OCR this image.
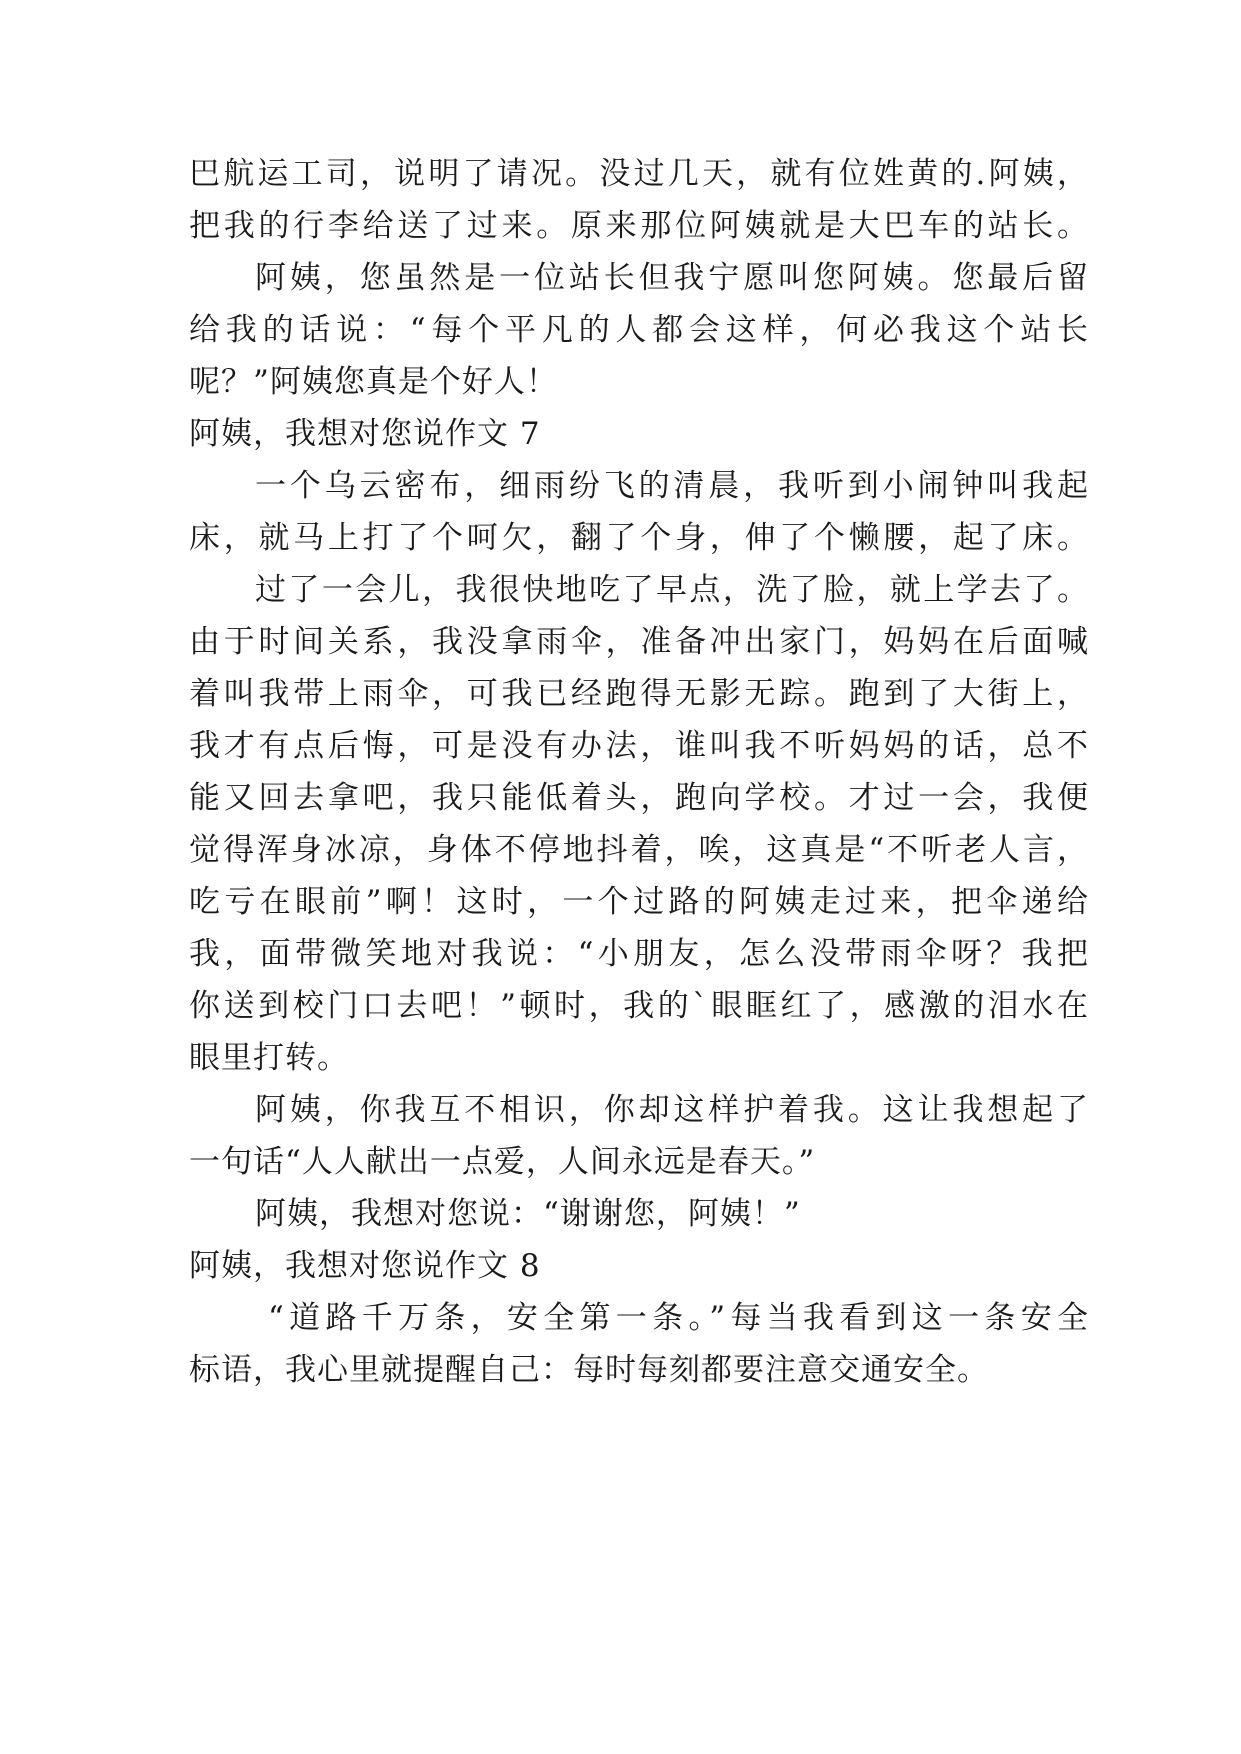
巴航运工司，说明了请况。没过几天，就有位姓黄的.阿姨，
把我的行李给送了过来。原来那位阿姨就是大巴车的站长。
阿姨，您虽然是一位站长但我宁愿叫您阿姨。您最后留
给我的话说：“每个平凡的人都会这样，何必我这个站长
呢？”阿姨您真是个好人！
阿姨，我想对您说作文 7
一个乌云密布，细雨纷飞的清晨，我听到小闹钟叫我起
床，就马上打了个呵欠，翻了个身，伸了个懒腰，起了床。
过了一会儿，我很快地吃了早点，洗了脸，就上学去了。
由于时间关系，我没拿雨伞，准备冲出家门，妈妈在后面喊
着叫我带上雨伞，可我已经跑得无影无踪。跑到了大街上，
我才有点后悔，可是没有办法，谁叫我不听妈妈的话，总不
能又回去拿吧，我只能低着头，跑向学校。才过一会，我便
觉得浑身冰凉，身体不停地抖着，唉，这真是“不听老人言，
吃亏在眼前”啊！这时，一个过路的阿姨走过来，把伞递给
我，面带微笑地对我说：“小朋友，怎么没带雨伞呀？我把
你送到校门口去吧！”顿时，我的`眼眶红了，感激的泪水在
眼里打转。
阿姨，你我互不相识，你却这样护着我。这让我想起了
一句话“人人献出一点爱，人间永远是春天。”
阿姨，我想对您说：“谢谢您，阿姨！”
阿姨，我想对您说作文 8
“道路千万条，安全第一条。”每当我看到这一条安全
标语，我心里就提醒自己：每时每刻都要注意交通安全。
